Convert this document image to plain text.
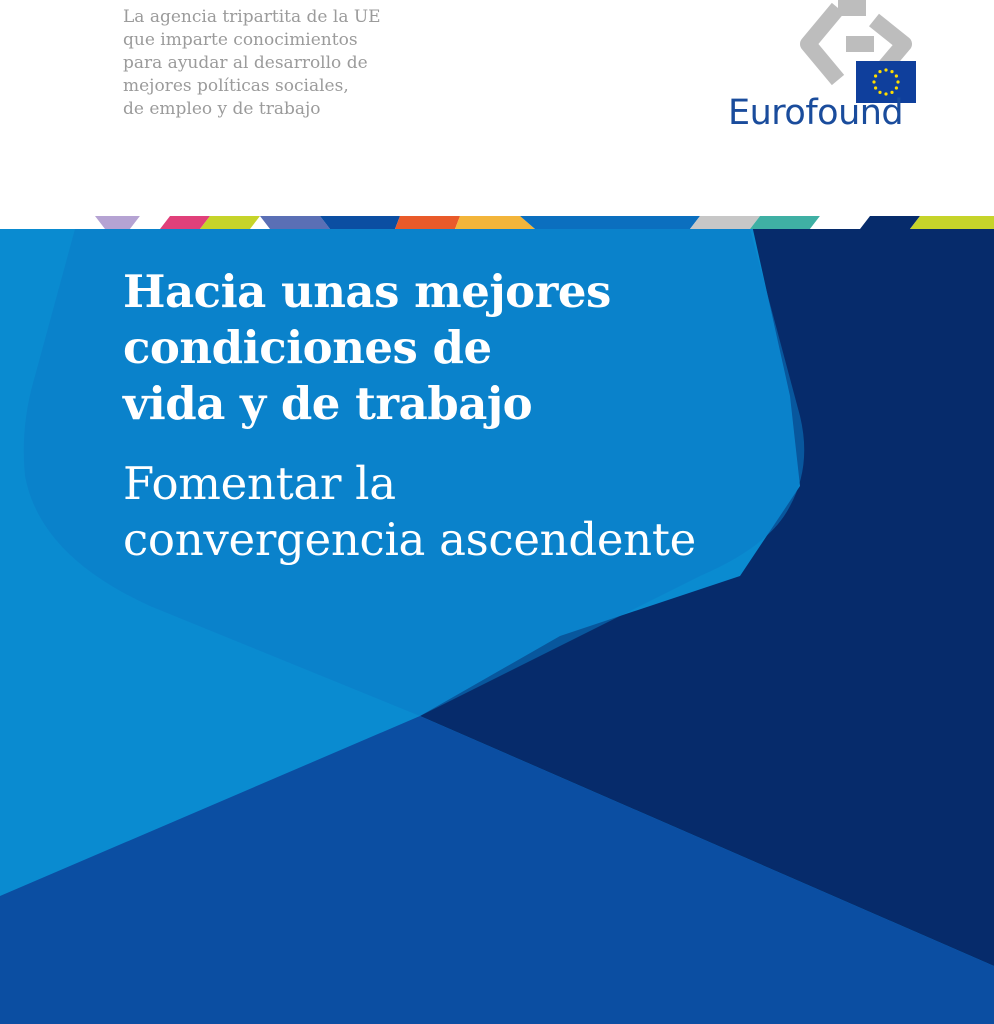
La agencia tripartita de la UE
que imparte conocimientos
para ayudar al desarrollo de
mejores políticas sociales,
de empleo y de trabajo	Eurofound
Hacia unas mejores
condiciones de
vida y de trabajo
Fomentar la
convergencia ascendente
